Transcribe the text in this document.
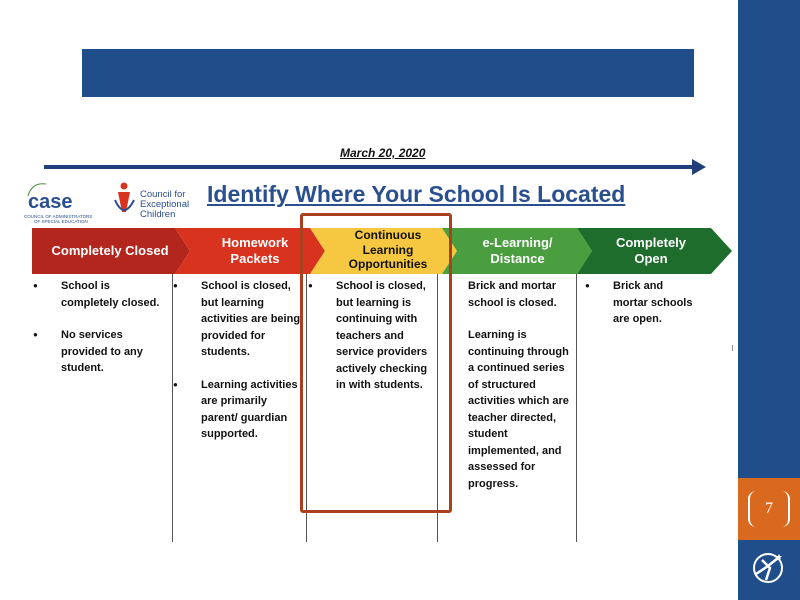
7
March 20, 2020
case
COUNCIL OF ADMINISTRATORS
OF SPECIAL EDUCATION
Council for
Exceptional
Children
Identify Where Your School Is Located
Completely Closed
Homework
Packets
Continuous
Learning
Opportunities
e-Learning/
Distance
Completely
Open
● School is completely closed.
● No services provided to any student.
● School is closed, but learning activities are being provided for students.
● Learning activities are primarily parent/ guardian supported.
● School is closed, but learning is continuing with teachers and service providers actively checking in with students.
Brick and mortar school is closed.
Learning is continuing through a continued series of structured activities which are teacher directed, student implemented, and assessed for progress.
● Brick and mortar schools are open.
